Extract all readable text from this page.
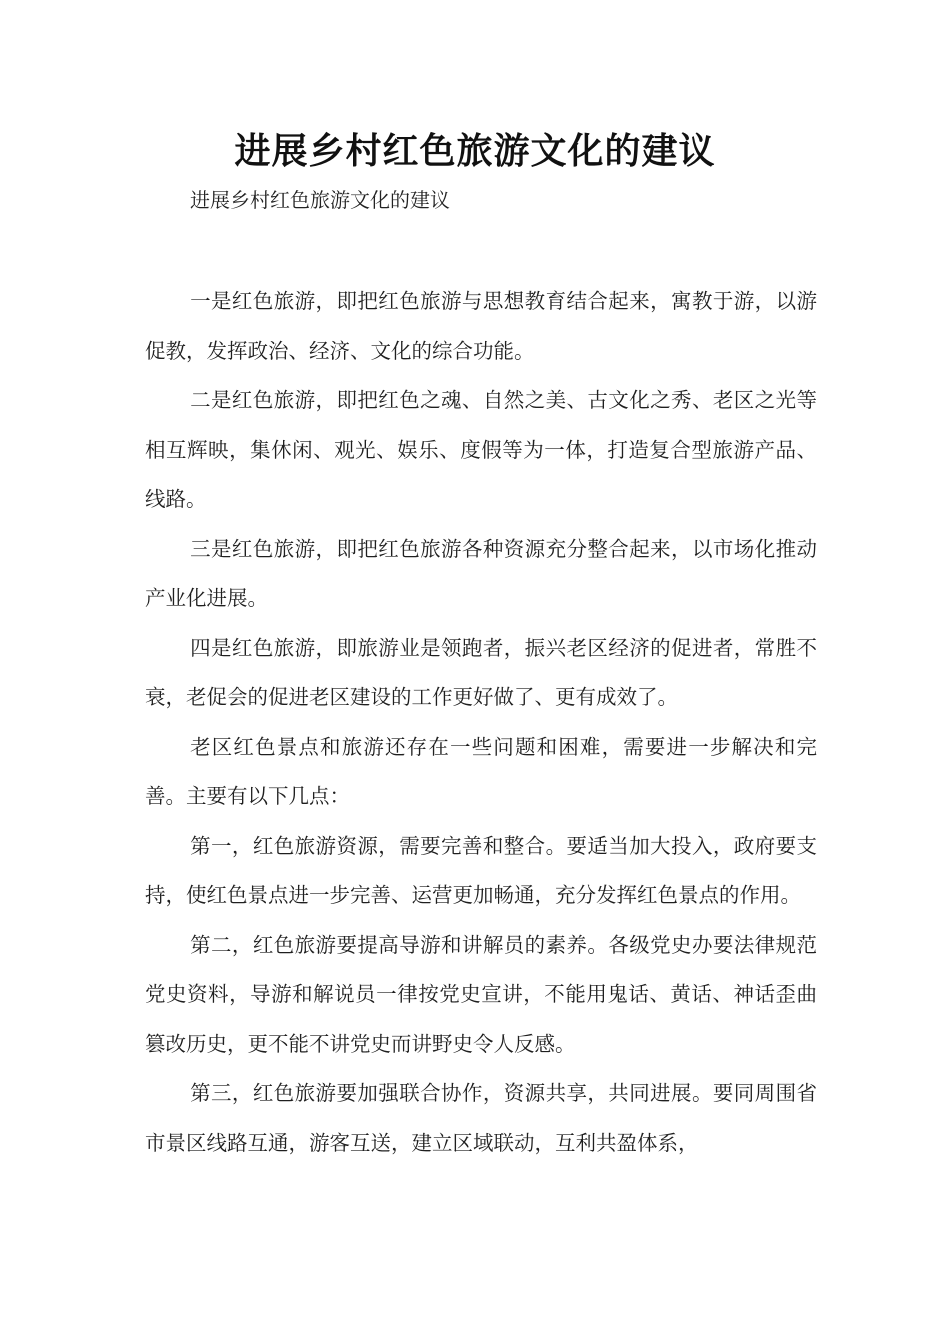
进展乡村红色旅游文化的建议
进展乡村红色旅游文化的建议

一是红色旅游，即把红色旅游与思想教育结合起来，寓教于游，以游促教，发挥政治、经济、文化的综合功能。

二是红色旅游，即把红色之魂、自然之美、古文化之秀、老区之光等相互辉映，集休闲、观光、娱乐、度假等为一体，打造复合型旅游产品、线路。

三是红色旅游，即把红色旅游各种资源充分整合起来，以市场化推动产业化进展。

四是红色旅游，即旅游业是领跑者，振兴老区经济的促进者，常胜不衰，老促会的促进老区建设的工作更好做了、更有成效了。

老区红色景点和旅游还存在一些问题和困难，需要进一步解决和完善。主要有以下几点：

第一，红色旅游资源，需要完善和整合。要适当加大投入，政府要支持，使红色景点进一步完善、运营更加畅通，充分发挥红色景点的作用。

第二，红色旅游要提高导游和讲解员的素养。各级党史办要法律规范党史资料，导游和解说员一律按党史宣讲，不能用鬼话、黄话、神话歪曲篡改历史，更不能不讲党史而讲野史令人反感。

第三，红色旅游要加强联合协作，资源共享，共同进展。要同周围省市景区线路互通，游客互送，建立区域联动，互利共盈体系，
